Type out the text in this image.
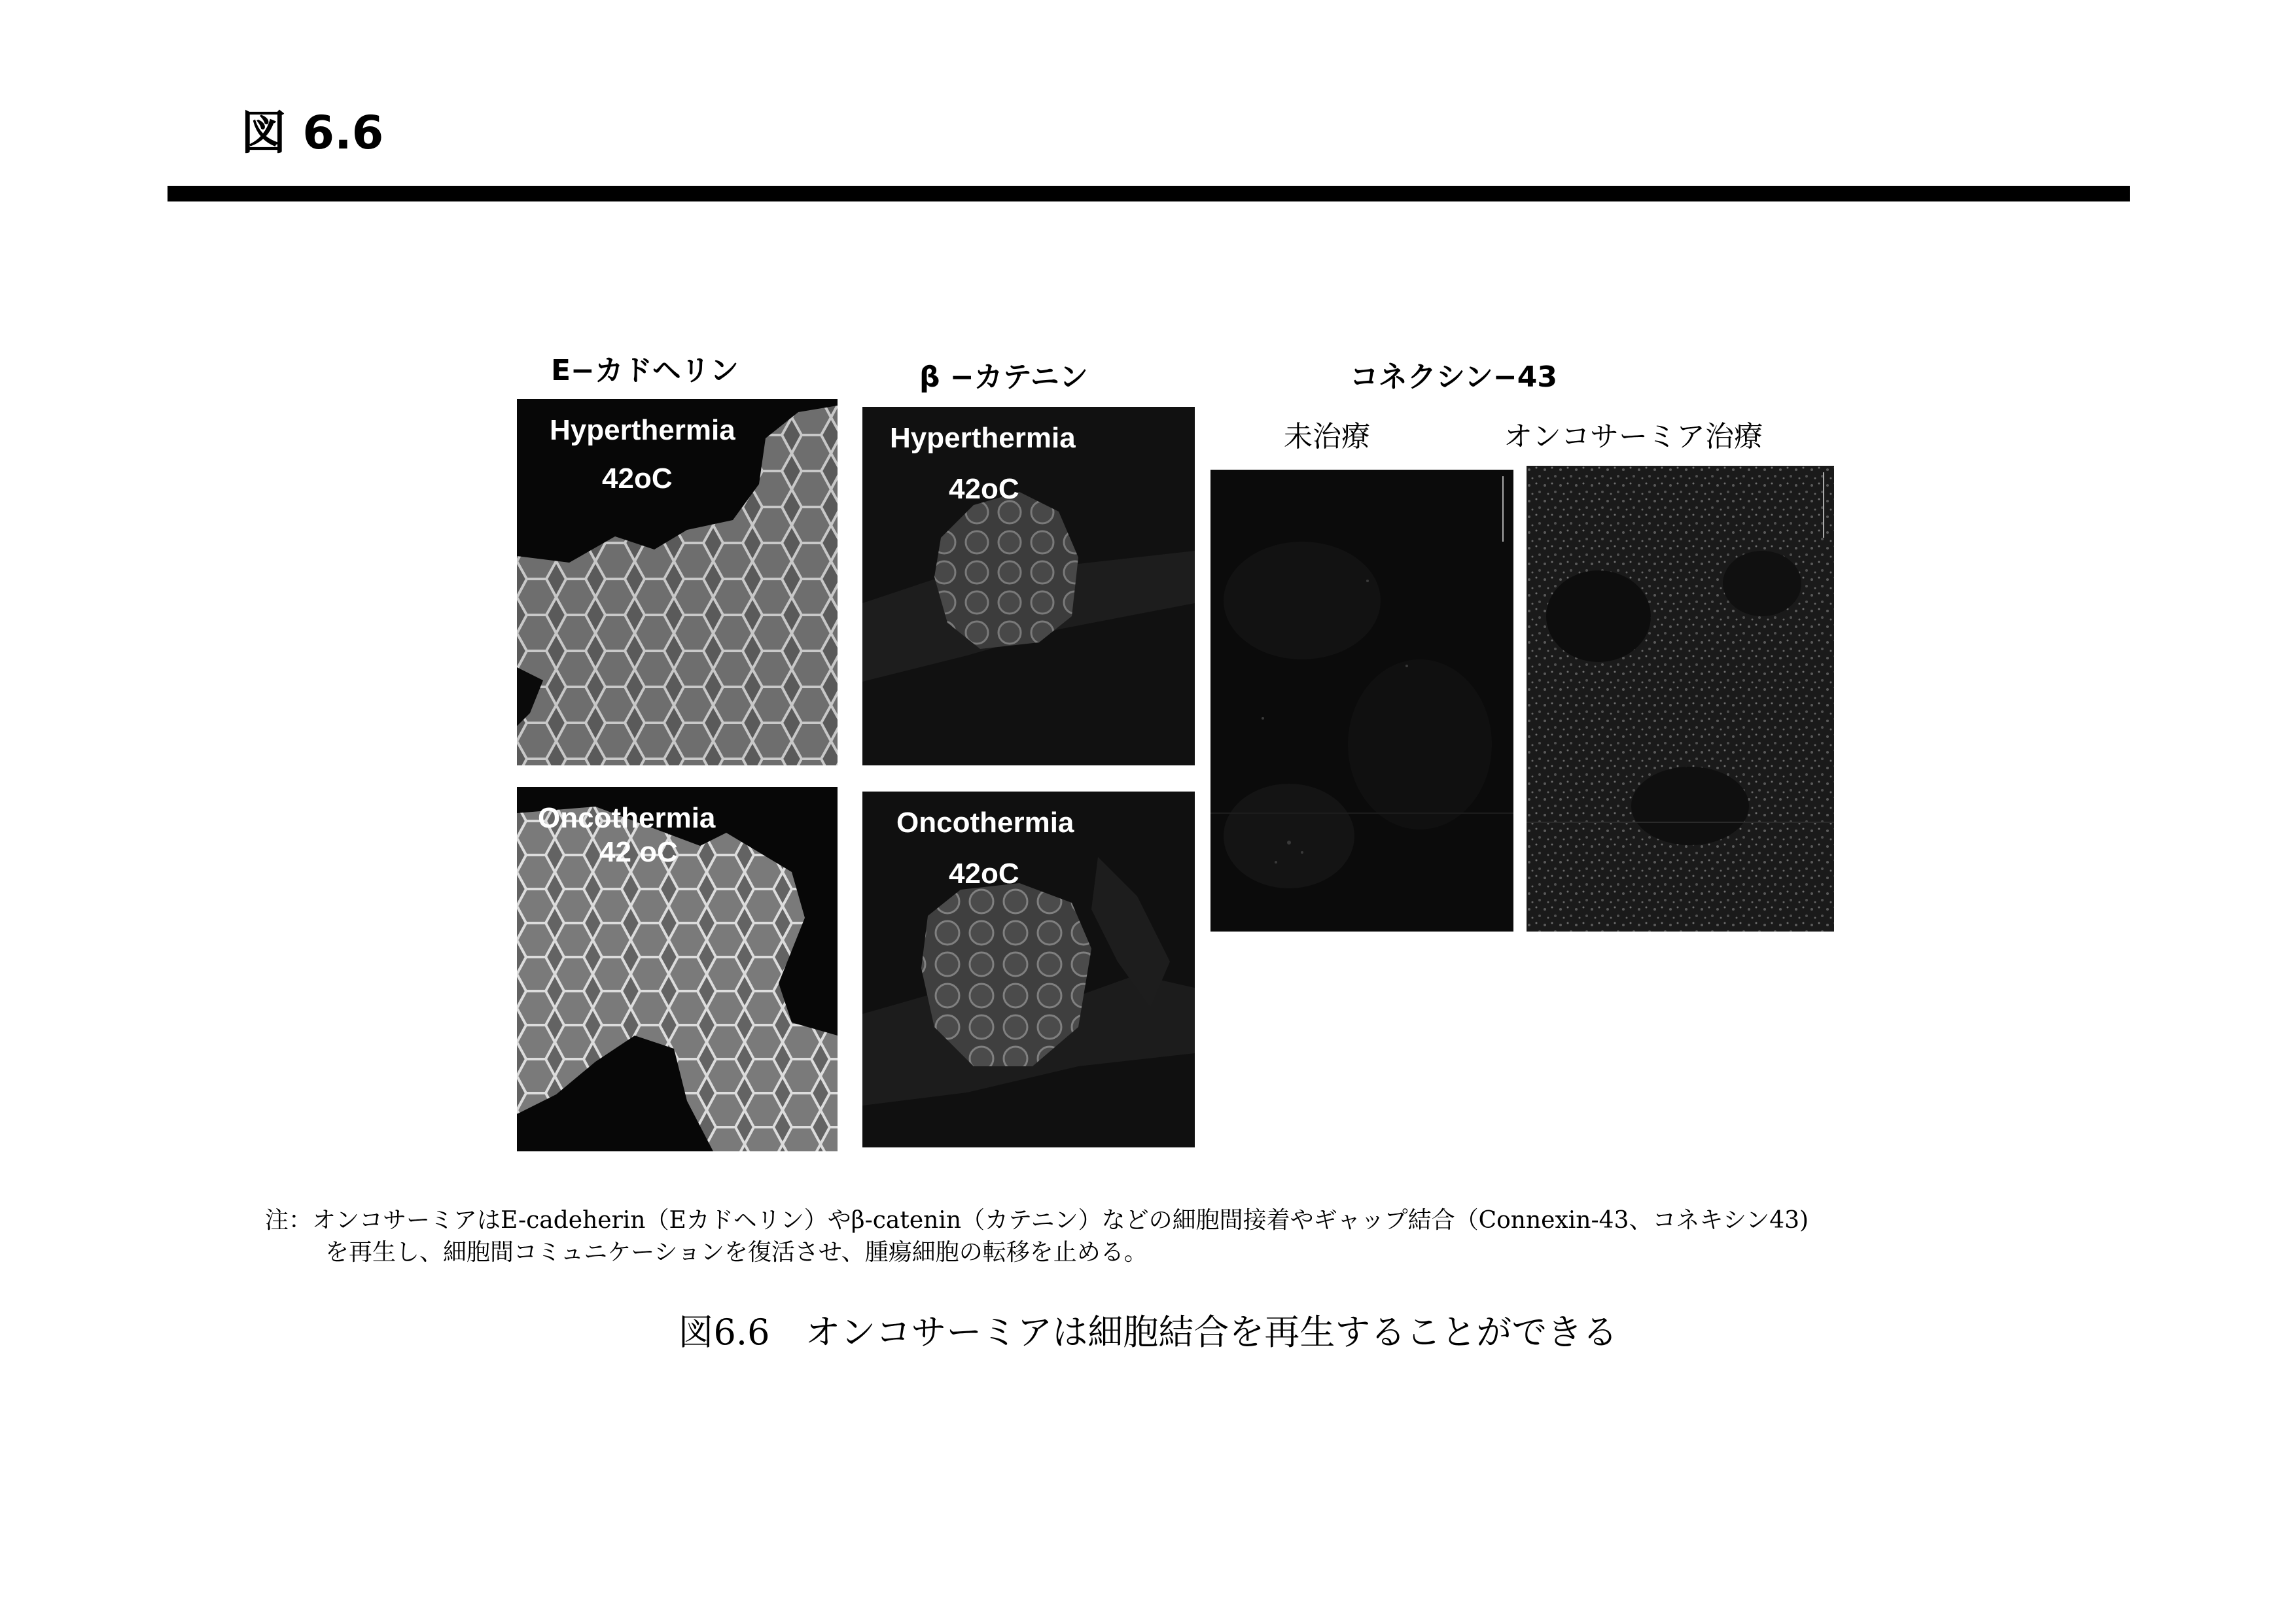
図 6.6
E−カドヘリン	β −カテニン	コネクシン−43
未治療	オンコサーミア治療
Hyperthermia
42oC
Oncothermia
42 oC
Hyperthermia
42oC
Oncothermia
42oC
注：オンコサーミアはE-cadeherin（Eカドヘリン）やβ-catenin（カテニン）などの細胞間接着やギャップ結合（Connexin-43、コネキシン43)
を再生し、細胞間コミュニケーションを復活させ、腫瘍細胞の転移を止める。
図6.6　オンコサーミアは細胞結合を再生することができる
